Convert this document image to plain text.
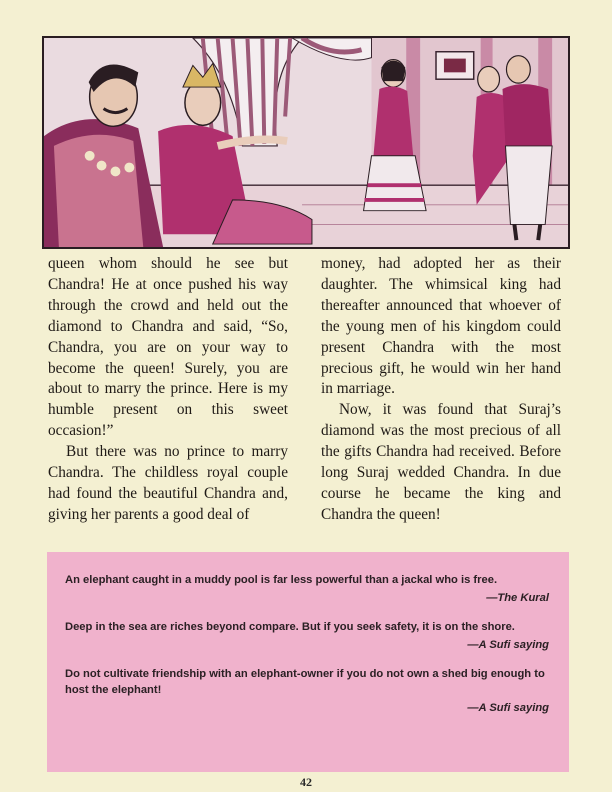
queen whom should he see but Chandra! He at once pushed his way through the crowd and held out the diamond to Chandra and said, “So, Chandra, you are on your way to become the queen! Surely, you are about to marry the prince. Here is my humble present on this sweet occasion!”

But there was no prince to marry Chandra. The childless royal couple had found the beautiful Chandra and, giving her parents a good deal of

money, had adopted her as their daughter. The whimsical king had thereafter announced that whoever of the young men of his kingdom could present Chandra with the most precious gift, he would win her hand in marriage.

Now, it was found that Suraj’s diamond was the most precious of all the gifts Chandra had received. Before long Suraj wedded Chandra. In due course he became the king and Chandra the queen!

An elephant caught in a muddy pool is far less powerful than a jackal who is free.
—The Kural
Deep in the sea are riches beyond compare. But if you seek safety, it is on the shore.
—A Sufi saying
Do not cultivate friendship with an elephant-owner if you do not own a shed big enough to host the elephant!
—A Sufi saying
42
